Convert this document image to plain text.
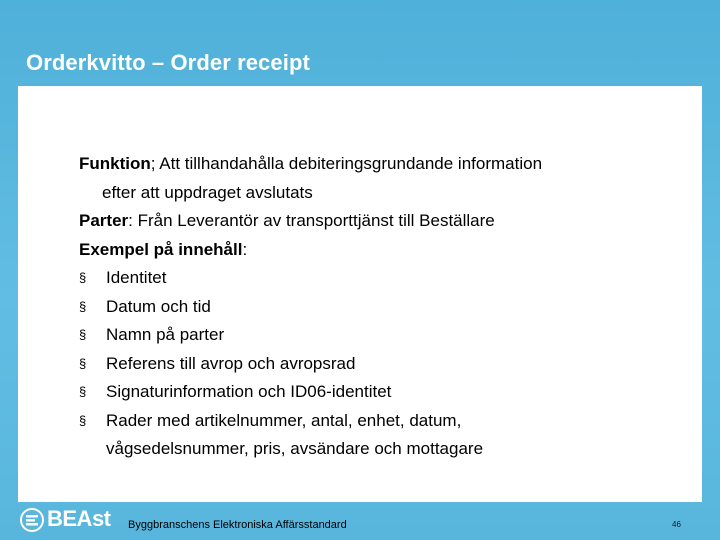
Orderkvitto – Order receipt
Funktion; Att tillhandahålla debiteringsgrundande information
efter att uppdraget avslutats
Parter: Från Leverantör av transporttjänst till Beställare
Exempel på innehåll:
§ Identitet
§ Datum och tid
§ Namn på parter
§ Referens till avrop och avropsrad
§ Signaturinformation och ID06-identitet
§ Rader med artikelnummer, antal, enhet, datum,
vågsedelsnummer, pris, avsändare och mottagare
BEAst Byggbranschens Elektroniska Affärsstandard	46
